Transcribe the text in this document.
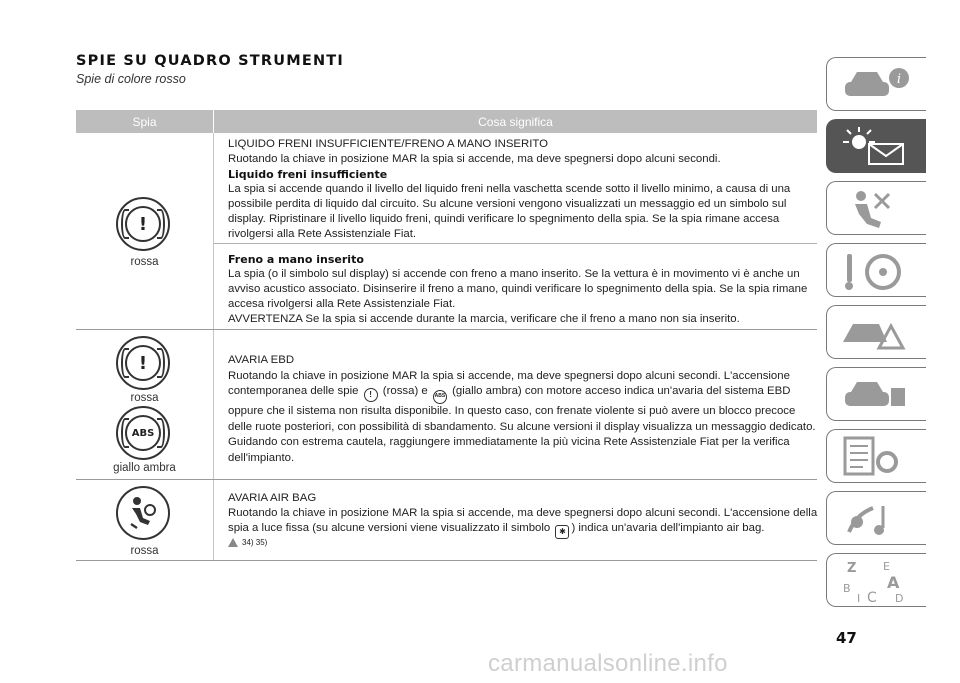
SPIE SU QUADRO STRUMENTI
Spie di colore rosso
Spia	Cosa significa
!
rossa

LIQUIDO FRENI INSUFFICIENTE/FRENO A MANO INSERITO

Ruotando la chiave in posizione MAR la spia si accende, ma deve spegnersi dopo alcuni secondi.

Liquido freni insufficiente

La spia si accende quando il livello del liquido freni nella vaschetta scende sotto il livello minimo, a causa di una possibile perdita di liquido dal circuito. Su alcune versioni vengono visualizzati un messaggio ed un simbolo sul display. Ripristinare il livello liquido freni, quindi verificare lo spegnimento della spia. Se la spia rimane accesa rivolgersi alla Rete Assistenziale Fiat.

Freno a mano inserito

La spia (o il simbolo sul display) si accende con freno a mano inserito. Se la vettura è in movimento vi è anche un avviso acustico associato. Disinserire il freno a mano, quindi verificare lo spegnimento della spia. Se la spia rimane accesa rivolgersi alla Rete Assistenziale Fiat.

AVVERTENZA Se la spia si accende durante la marcia, verificare che il freno a mano non sia inserito.

!
rossa
ABS
giallo ambra

AVARIA EBD

Ruotando la chiave in posizione MAR la spia si accende, ma deve spegnersi dopo alcuni secondi. L'accensione contemporanea delle spie ! (rossa) e ABS (giallo ambra) con motore acceso indica un'avaria del sistema EBD oppure che il sistema non risulta disponibile. In questo caso, con frenate violente si può avere un blocco precoce delle ruote posteriori, con possibilità di sbandamento. Su alcune versioni il display visualizza un messaggio dedicato. Guidando con estrema cautela, raggiungere immediatamente la più vicina Rete Assistenziale Fiat per la verifica dell'impianto.

rossa

AVARIA AIR BAG

Ruotando la chiave in posizione MAR la spia si accende, ma deve spegnersi dopo alcuni secondi. L'accensione della spia a luce fissa (su alcune versioni viene visualizzato il simbolo ✱ ) indica un'avaria dell'impianto air bag.

34) 35)
i
Z E
B A
D
I C
47
carmanualsonline.info
